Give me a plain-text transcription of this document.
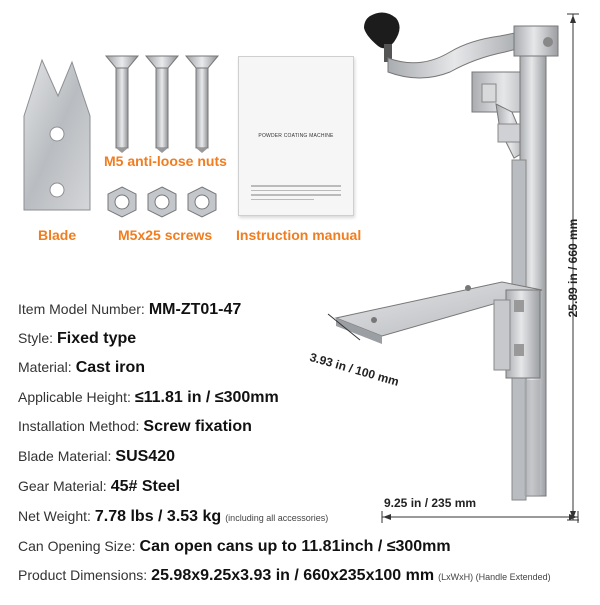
Blade
M5 anti-loose nuts
M5x25 screws
POWDER COATING MACHINE
Instruction manual	25.89 in / 660 mm
9.25 in / 235 mm
3.93 in / 100 mm
Item Model Number: MM-ZT01-47
Style: Fixed type
Material: Cast iron
Applicable Height: ≤11.81 in / ≤300mm
Installation Method: Screw fixation
Blade Material: SUS420
Gear Material: 45# Steel
Net Weight: 7.78 lbs / 3.53 kg (including all accessories)
Can Opening Size: Can open cans up to 11.81inch / ≤300mm
Product Dimensions: 25.98x9.25x3.93 in / 660x235x100 mm (LxWxH) (Handle Extended)
